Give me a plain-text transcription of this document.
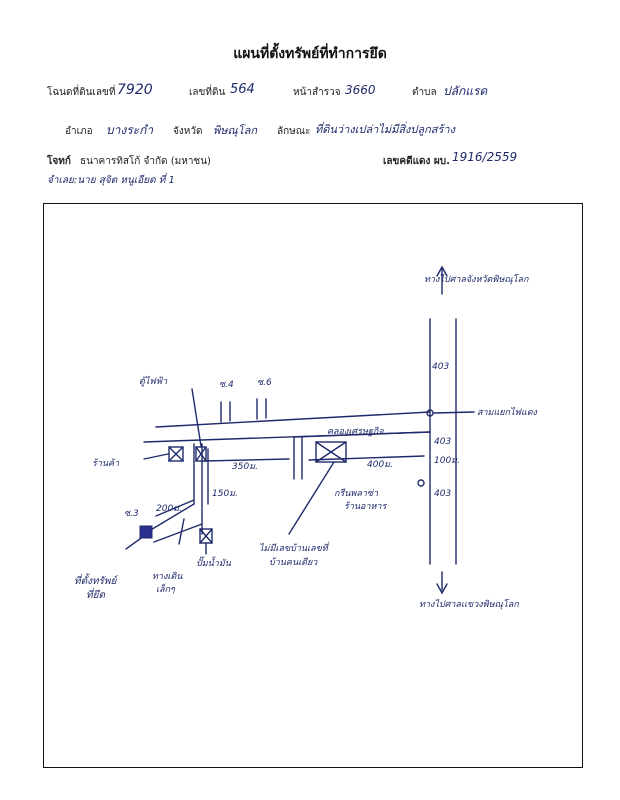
แผนที่ตั้งทรัพย์ที่ทำการยึด
โฉนดที่ดินเลขที่ 7920	เลขที่ดิน 564	หน้าสำรวจ 3660	ตำบล ปลักแรด
อำเภอ บางระกำ จังหวัด พิษณุโลก ลักษณะ ที่ดินว่างเปล่าไม่มีสิ่งปลูกสร้าง
โจทก์ ธนาคารทิสโก้ จำกัด (มหาชน)	เลขคดีแดง ผบ. 1916/2559
จำเลย:นาย สุจิต หนูเอียด ที่ 1
ทางไปศาลจังหวัดพิษณุโลก
403
สามแยกไฟแดง
100ม.
403
403
ซ.4	ซ.6
ตู้ไฟฟ้า
คลองเศรษฐกิจ
400ม.
350ม.
150ม.
200ม.
ซ.3
ร้านค้า
ปั๊มน้ำมัน
ทางไปศาลเเขวงพิษณุโลก
กรีนพลาซ่า ร้านอาหาร
ไม่มีเลขบ้านเลขที่ บ้านคนเดียว
ทางเดิน เล็กๆ
ที่ตั้งทรัพย์ ที่ยึด
